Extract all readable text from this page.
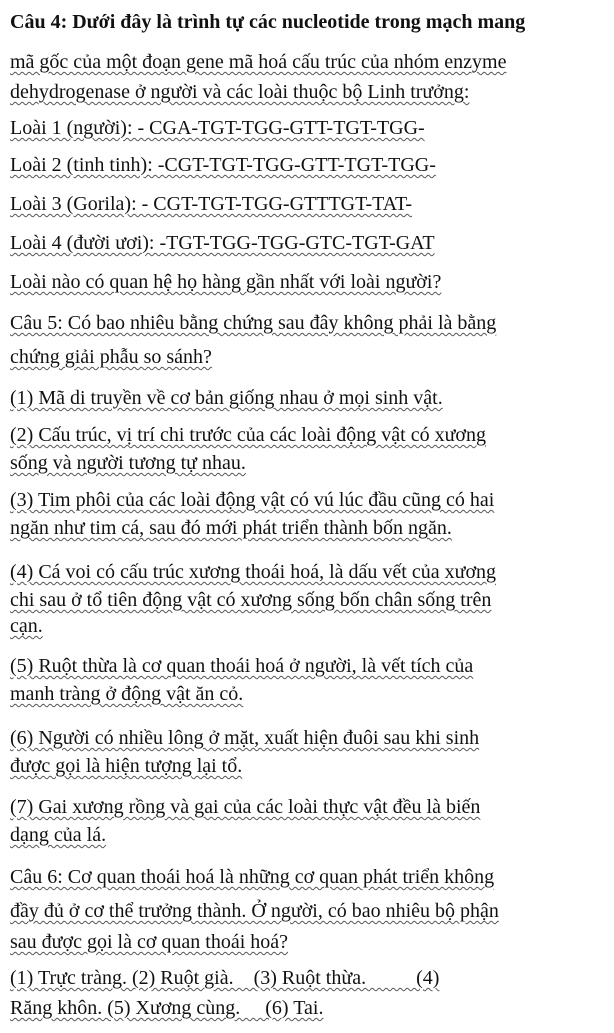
Câu 4: Dưới đây là trình tự các nucleotide trong mạch mang
mã gốc của một đoạn gene mã hoá cấu trúc của nhóm enzyme
dehydrogenase ở người và các loài thuộc bộ Linh trưởng:
Loài 1 (người): - CGA-TGT-TGG-GTT-TGT-TGG-
Loài 2 (tinh tinh): -CGT-TGT-TGG-GTT-TGT-TGG-
Loài 3 (Gorila): - CGT-TGT-TGG-GTTTGT-TAT-
Loài 4 (đười ươi): -TGT-TGG-TGG-GTC-TGT-GAT
Loài nào có quan hệ họ hàng gần nhất với loài người?
Câu 5: Có bao nhiêu bằng chứng sau đây không phải là bằng
chứng giải phẫu so sánh?
(1) Mã di truyền về cơ bản giống nhau ở mọi sinh vật.
(2) Cấu trúc, vị trí chi trước của các loài động vật có xương
sống và người tương tự nhau.
(3) Tim phôi của các loài động vật có vú lúc đầu cũng có hai
ngăn như tim cá, sau đó mới phát triển thành bốn ngăn.
(4) Cá voi có cấu trúc xương thoái hoá, là dấu vết của xương
chi sau ở tổ tiên động vật có xương sống bốn chân sống trên
cạn.
(5) Ruột thừa là cơ quan thoái hoá ở người, là vết tích của
manh tràng ở động vật ăn cỏ.
(6) Người có nhiều lông ở mặt, xuất hiện đuôi sau khi sinh
được gọi là hiện tượng lại tổ.
(7) Gai xương rồng và gai của các loài thực vật đều là biến
dạng của lá.
Câu 6: Cơ quan thoái hoá là những cơ quan phát triển không
đầy đủ ở cơ thể trưởng thành. Ở người, có bao nhiêu bộ phận
sau được gọi là cơ quan thoái hoá?
(1) Trực tràng. (2) Ruột già.    (3) Ruột thừa.          (4)
Răng khôn. (5) Xương cùng.     (6) Tai.
